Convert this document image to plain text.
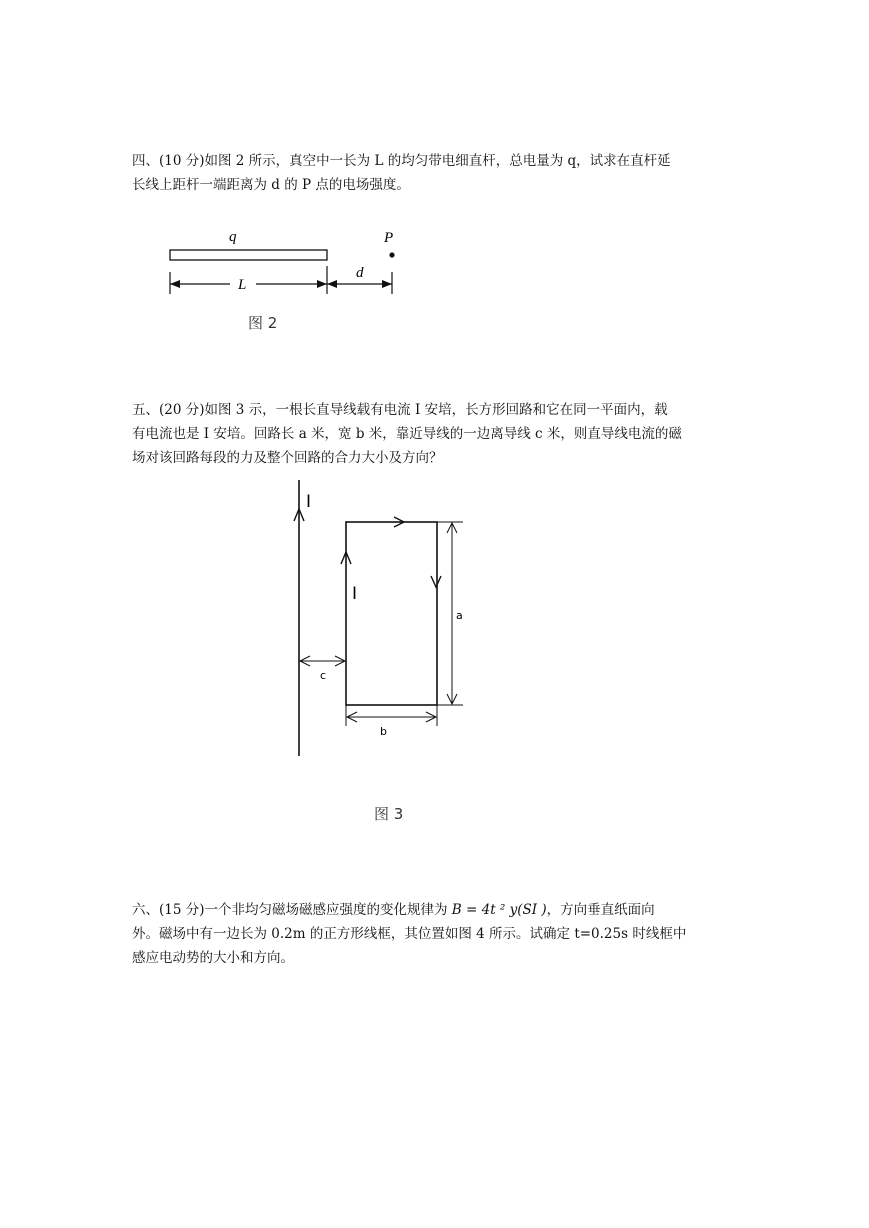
四、(10 分)如图 2 所示，真空中一长为 L 的均匀带电细直杆，总电量为 q，试求在直杆延

长线上距杆一端距离为 d 的 P 点的电场强度。

q	P
L
d
图 2

五、(20 分)如图 3 示，一根长直导线载有电流 I 安培，长方形回路和它在同一平面内，载

有电流也是 I 安培。回路长 a 米，宽 b 米，靠近导线的一边离导线 c 米，则直导线电流的磁

场对该回路每段的力及整个回路的合力大小及方向？

I
I
a
c
b
图 3

六、(15 分)一个非均匀磁场磁感应强度的变化规律为 B = 4t ² y(SI )，方向垂直纸面向

外。磁场中有一边长为 0.2m 的正方形线框，其位置如图 4 所示。试确定 t=0.25s 时线框中

感应电动势的大小和方向。
